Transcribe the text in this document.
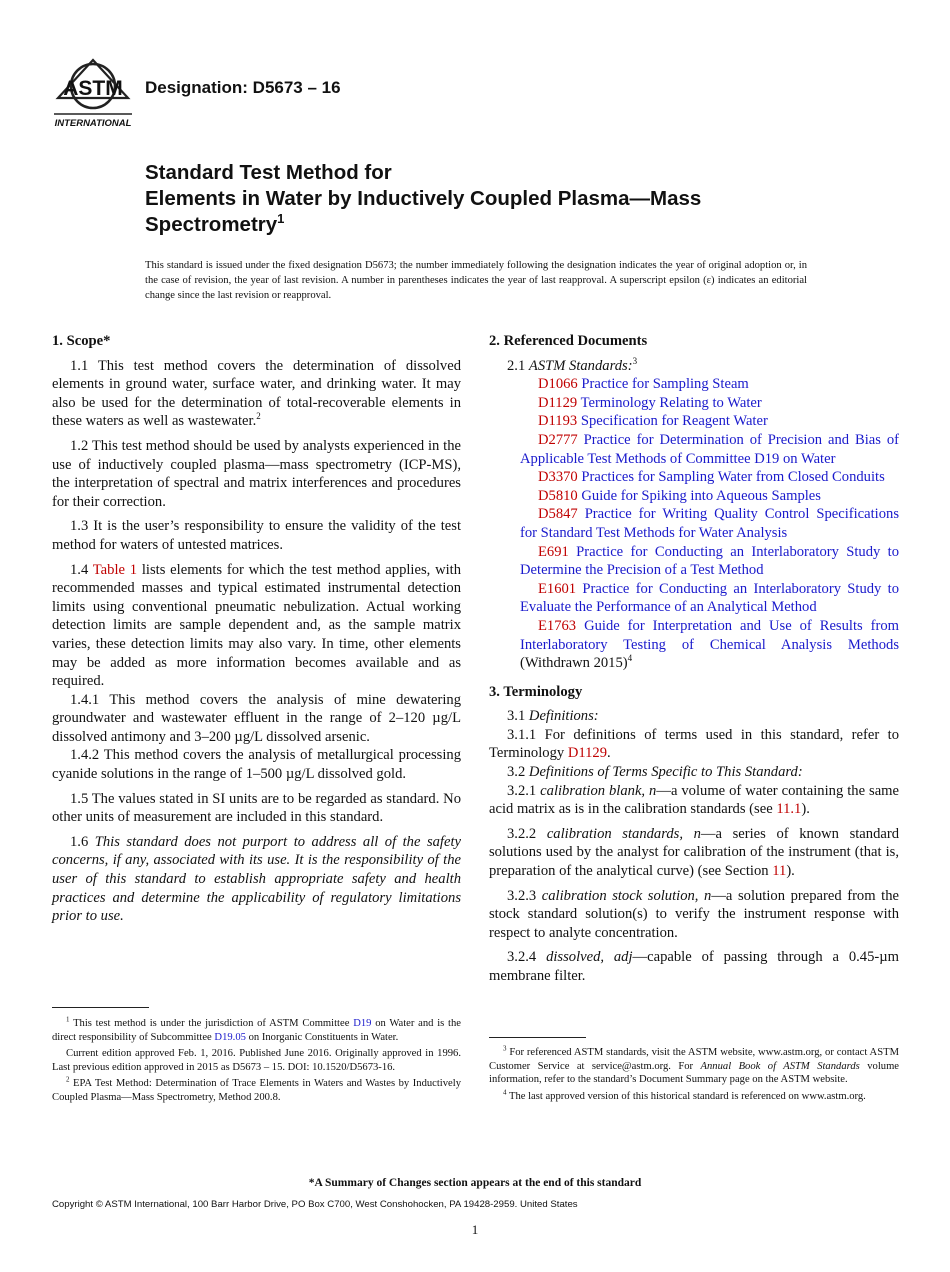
ASTM
INTERNATIONAL
Designation: D5673 – 16
Standard Test Method for
Elements in Water by Inductively Coupled Plasma—Mass
Spectrometry$^1$
This standard is issued under the fixed designation D5673; the number immediately following the designation indicates the year of original adoption or, in the case of revision, the year of last revision. A number in parentheses indicates the year of last reapproval. A superscript epsilon (ε) indicates an editorial change since the last revision or reapproval.
1. Scope*

1.1 This test method covers the determination of dissolved elements in ground water, surface water, and drinking water. It may also be used for the determination of total-recoverable elements in these waters as well as wastewater.$^2$

1.2 This test method should be used by analysts experienced in the use of inductively coupled plasma—mass spectrometry (ICP-MS), the interpretation of spectral and matrix interferences and procedures for their correction.

1.3 It is the user’s responsibility to ensure the validity of the test method for waters of untested matrices.

1.4 Table 1 lists elements for which the test method applies, with recommended masses and typical estimated instrumental detection limits using conventional pneumatic nebulization. Actual working detection limits are sample dependent and, as the sample matrix varies, these detection limits may also vary. In time, other elements may be added as more information becomes available and as required.

1.4.1 This method covers the analysis of mine dewatering groundwater and wastewater effluent in the range of 2–120 µg/L dissolved antimony and 3–200 µg/L dissolved arsenic.

1.4.2 This method covers the analysis of metallurgical processing cyanide solutions in the range of 1–500 µg/L dissolved gold.

1.5 The values stated in SI units are to be regarded as standard. No other units of measurement are included in this standard.

1.6 This standard does not purport to address all of the safety concerns, if any, associated with its use. It is the responsibility of the user of this standard to establish appropriate safety and health practices and determine the applicability of regulatory limitations prior to use.

2. Referenced Documents

2.1 ASTM Standards:$^3$

D1066 Practice for Sampling Steam

D1129 Terminology Relating to Water

D1193 Specification for Reagent Water

D2777 Practice for Determination of Precision and Bias of Applicable Test Methods of Committee D19 on Water

D3370 Practices for Sampling Water from Closed Conduits

D5810 Guide for Spiking into Aqueous Samples

D5847 Practice for Writing Quality Control Specifications for Standard Test Methods for Water Analysis

E691 Practice for Conducting an Interlaboratory Study to Determine the Precision of a Test Method

E1601 Practice for Conducting an Interlaboratory Study to Evaluate the Performance of an Analytical Method

E1763 Guide for Interpretation and Use of Results from Interlaboratory Testing of Chemical Analysis Methods (Withdrawn 2015)$^4$

3. Terminology

3.1 Definitions:

3.1.1 For definitions of terms used in this standard, refer to Terminology D1129.

3.2 Definitions of Terms Specific to This Standard:

3.2.1 calibration blank, n—a volume of water containing the same acid matrix as is in the calibration standards (see 11.1).

3.2.2 calibration standards, n—a series of known standard solutions used by the analyst for calibration of the instrument (that is, preparation of the analytical curve) (see Section 11).

3.2.3 calibration stock solution, n—a solution prepared from the stock standard solution(s) to verify the instrument response with respect to analyte concentration.

3.2.4 dissolved, adj—capable of passing through a 0.45-µm membrane filter.

$^1$ This test method is under the jurisdiction of ASTM Committee D19 on Water and is the direct responsibility of Subcommittee D19.05 on Inorganic Constituents in Water.

Current edition approved Feb. 1, 2016. Published June 2016. Originally approved in 1996. Last previous edition approved in 2015 as D5673 – 15. DOI: 10.1520/D5673-16.

$^2$ EPA Test Method: Determination of Trace Elements in Waters and Wastes by Inductively Coupled Plasma—Mass Spectrometry, Method 200.8.

$^3$ For referenced ASTM standards, visit the ASTM website, www.astm.org, or contact ASTM Customer Service at service@astm.org. For Annual Book of ASTM Standards volume information, refer to the standard’s Document Summary page on the ASTM website.

$^4$ The last approved version of this historical standard is referenced on www.astm.org.

*A Summary of Changes section appears at the end of this standard
Copyright © ASTM International, 100 Barr Harbor Drive, PO Box C700, West Conshohocken, PA 19428-2959. United States
1
